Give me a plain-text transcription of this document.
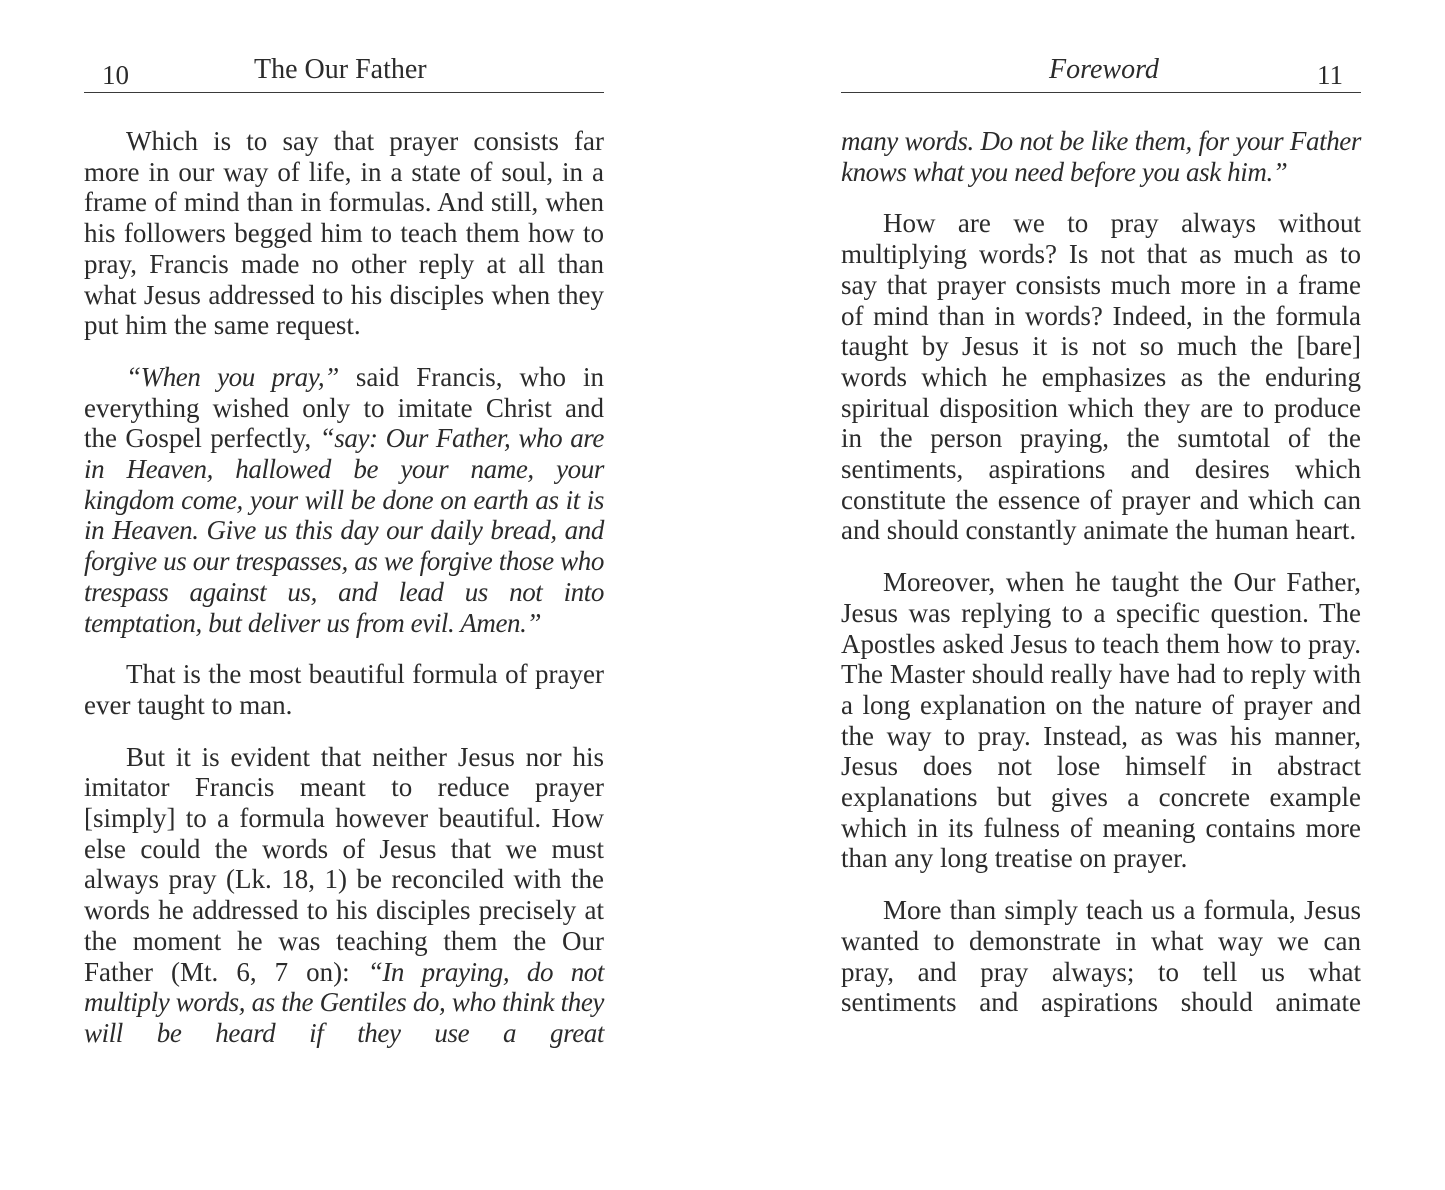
10	The Our Father

Which is to say that prayer consists far more in our way of life, in a state of soul, in a frame of mind than in formulas. And still, when his followers begged him to teach them how to pray, Francis made no other reply at all than what Jesus addressed to his disciples when they put him the same request.

“When you pray,” said Francis, who in everything wished only to imitate Christ and the Gospel perfectly, “say: Our Father, who are in Heaven, hallowed be your name, your kingdom come, your will be done on earth as it is in Heaven. Give us this day our daily bread, and forgive us our trespasses, as we forgive those who trespass against us, and lead us not into temptation, but deliver us from evil. Amen.”

That is the most beautiful formula of prayer ever taught to man.

But it is evident that neither Jesus nor his imitator Francis meant to reduce prayer [simply] to a formula however beautiful. How else could the words of Jesus that we must always pray (Lk. 18, 1) be reconciled with the words he addressed to his disciples precisely at the moment he was teaching them the Our Father (Mt. 6, 7 on): “In praying, do not multiply words, as the Gentiles do, who think they will be heard if they use a great

Foreword	11

many words. Do not be like them, for your Father knows what you need before you ask him.”

How are we to pray always without multiplying words? Is not that as much as to say that prayer consists much more in a frame of mind than in words? Indeed, in the formula taught by Jesus it is not so much the [bare] words which he emphasizes as the enduring spiritual disposition which they are to produce in the person praying, the sumtotal of the sentiments, aspirations and desires which constitute the essence of prayer and which can and should constantly animate the human heart.

Moreover, when he taught the Our Father, Jesus was replying to a specific question. The Apostles asked Jesus to teach them how to pray. The Master should really have had to reply with a long explanation on the nature of prayer and the way to pray. Instead, as was his manner, Jesus does not lose himself in abstract explanations but gives a concrete example which in its fulness of meaning contains more than any long treatise on prayer.

More than simply teach us a formula, Jesus wanted to demonstrate in what way we can pray, and pray always; to tell us what sentiments and aspirations should animate
